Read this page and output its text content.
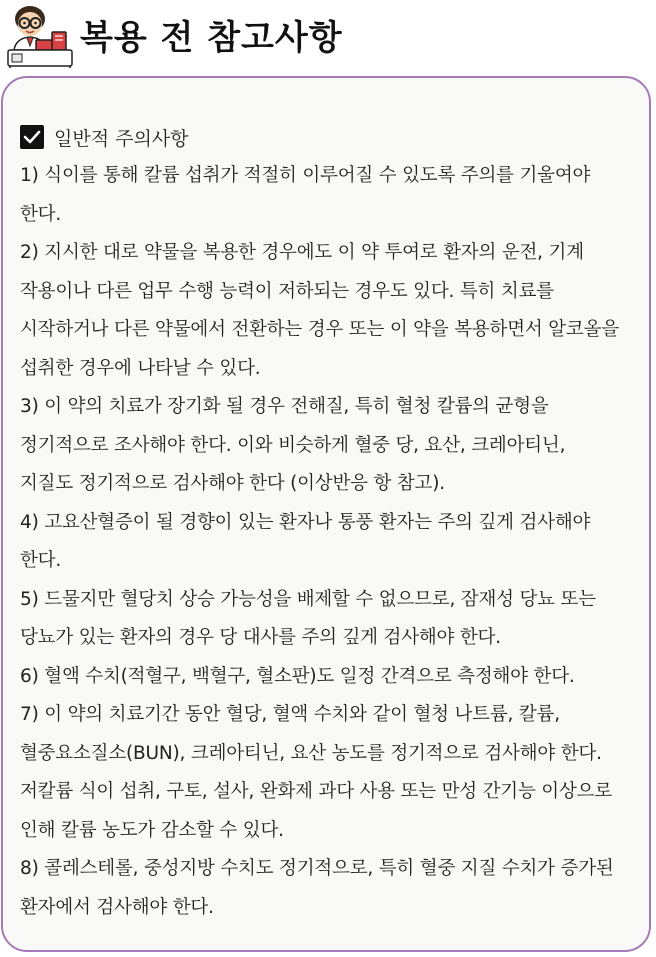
복용 전 참고사항
일반적 주의사항
1) 식이를 통해 칼륨 섭취가 적절히 이루어질 수 있도록 주의를 기울여야
한다.
2) 지시한 대로 약물을 복용한 경우에도 이 약 투여로 환자의 운전, 기계
작용이나 다른 업무 수행 능력이 저하되는 경우도 있다. 특히 치료를
시작하거나 다른 약물에서 전환하는 경우 또는 이 약을 복용하면서 알코올을
섭취한 경우에 나타날 수 있다.
3) 이 약의 치료가 장기화 될 경우 전해질, 특히 혈청 칼륨의 균형을
정기적으로 조사해야 한다. 이와 비슷하게 혈중 당, 요산, 크레아티닌,
지질도 정기적으로 검사해야 한다 (이상반응 항 참고).
4) 고요산혈증이 될 경향이 있는 환자나 통풍 환자는 주의 깊게 검사해야
한다.
5) 드물지만 혈당치 상승 가능성을 배제할 수 없으므로, 잠재성 당뇨 또는
당뇨가 있는 환자의 경우 당 대사를 주의 깊게 검사해야 한다.
6) 혈액 수치(적혈구, 백혈구, 혈소판)도 일정 간격으로 측정해야 한다.
7) 이 약의 치료기간 동안 혈당, 혈액 수치와 같이 혈청 나트륨, 칼륨,
혈중요소질소(BUN), 크레아티닌, 요산 농도를 정기적으로 검사해야 한다.
저칼륨 식이 섭취, 구토, 설사, 완화제 과다 사용 또는 만성 간기능 이상으로
인해 칼륨 농도가 감소할 수 있다.
8) 콜레스테롤, 중성지방 수치도 정기적으로, 특히 혈중 지질 수치가 증가된
환자에서 검사해야 한다.
